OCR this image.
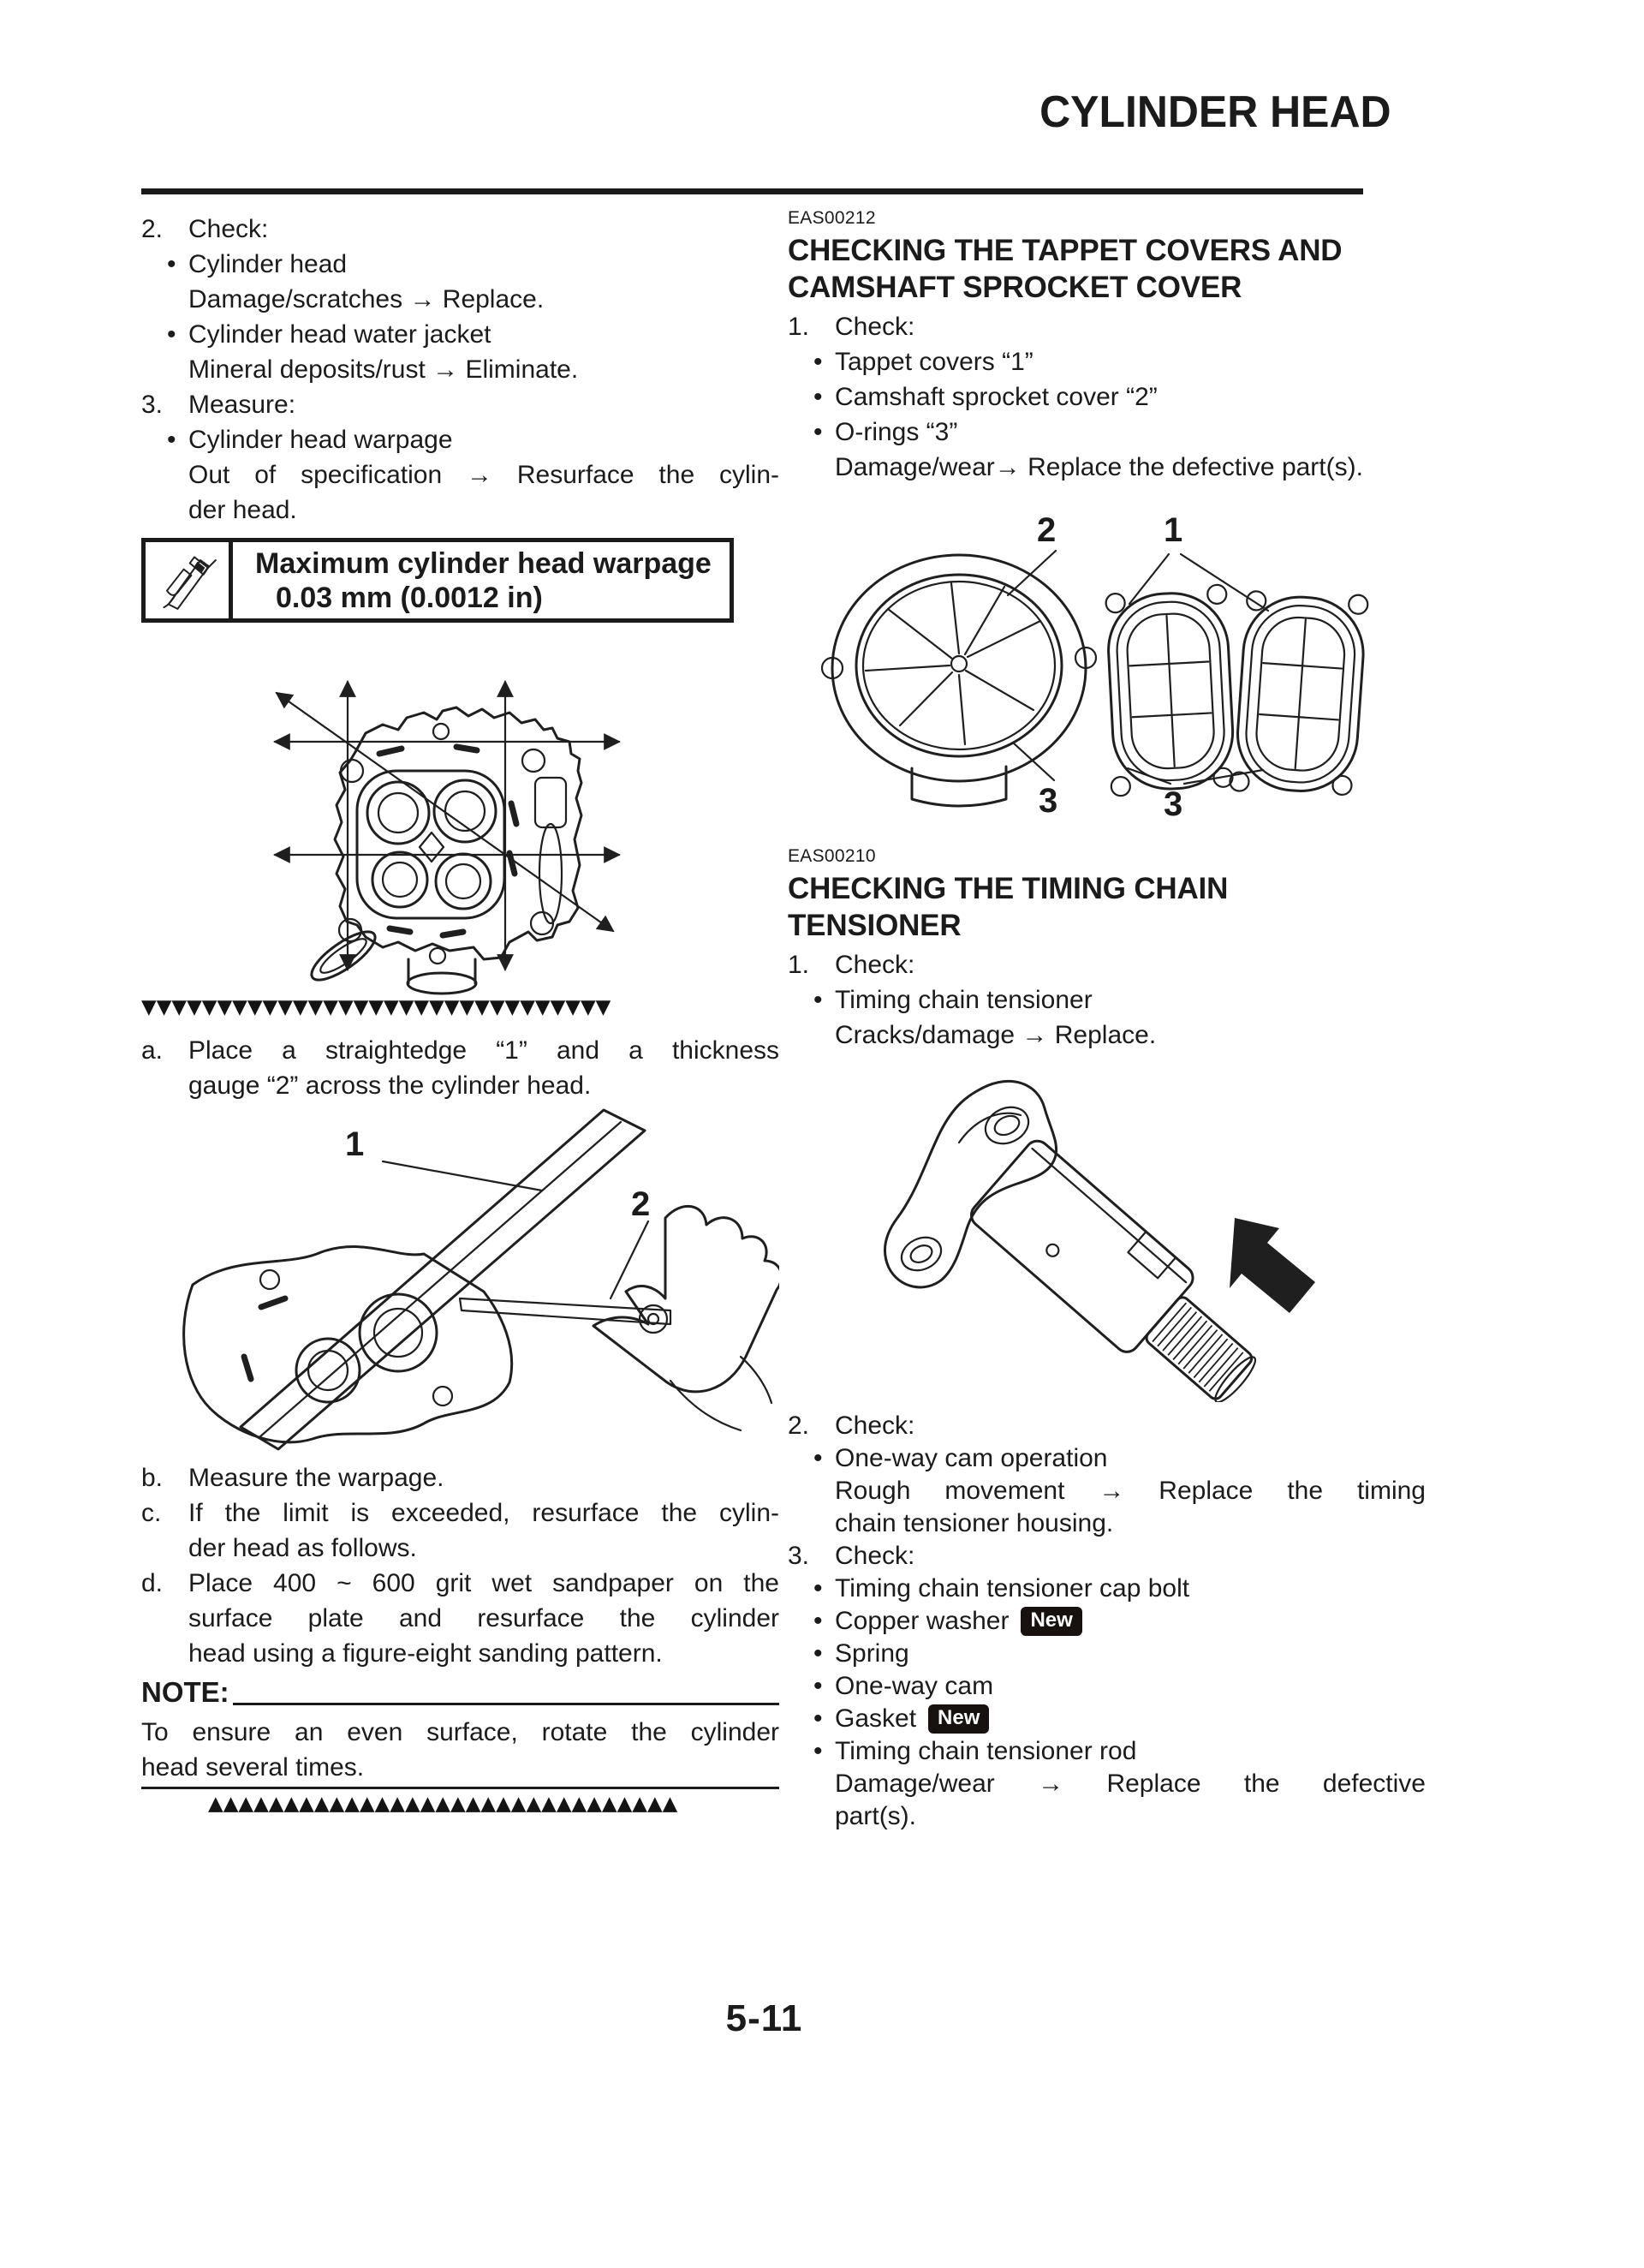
CYLINDER HEAD
2. Check:
• Cylinder head
Damage/scratches → Replace.
• Cylinder head water jacket
Mineral deposits/rust → Eliminate.
3. Measure:
• Cylinder head warpage
Out of specification → Resurface the cylin-
der head.
Maximum cylinder head warpage
0.03 mm (0.0012 in)
▼▼▼▼▼▼▼▼▼▼▼▼▼▼▼▼▼▼▼▼▼▼▼▼▼▼▼▼▼▼▼
a. Place a straightedge “1” and a thickness
gauge “2” across the cylinder head.
1
2
b. Measure the warpage.
c. If the limit is exceeded, resurface the cylin-
der head as follows.
d. Place 400 ~ 600 grit wet sandpaper on the
surface plate and resurface the cylinder
head using a figure-eight sanding pattern.
NOTE:
To ensure an even surface, rotate the cylinder
head several times.
▲▲▲▲▲▲▲▲▲▲▲▲▲▲▲▲▲▲▲▲▲▲▲▲▲▲▲▲▲▲▲
EAS00212
CHECKING THE TAPPET COVERS AND
CAMSHAFT SPROCKET COVER
1. Check:
• Tappet covers “1”
• Camshaft sprocket cover “2”
• O-rings “3”
Damage/wear→ Replace the defective part(s).
2	1
3	3
EAS00210
CHECKING THE TIMING CHAIN
TENSIONER
1. Check:
• Timing chain tensioner
Cracks/damage → Replace.
2. Check:
• One-way cam operation
Rough movement → Replace the timing
chain tensioner housing.
3. Check:
• Timing chain tensioner cap bolt
• Copper washer New
• Spring
• One-way cam
• Gasket New
• Timing chain tensioner rod
Damage/wear → Replace the defective
part(s).
5-11
